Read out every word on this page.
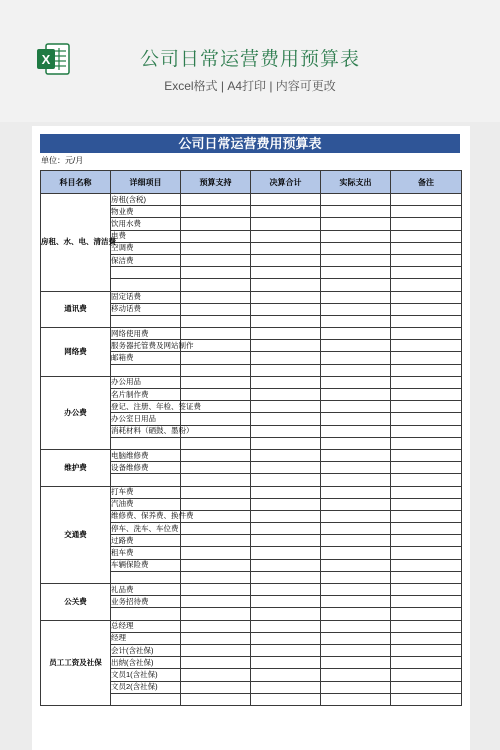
X	公司日常运营费用预算表
Excel格式 | A4打印 | 内容可更改
公司日常运营费用预算表
单位：元/月
科目名称	详细项目	预算支持	决算合计	实际支出	备注
房租、水、电、清洁费	房租(含税)				
	物业费				
	饮用水费				
	电费				
	空调费				
	保洁费				

通讯费	固定话费				
	移动话费				

网络费	网络使用费				
	服务器托管费及网站制作				
	邮箱费				

办公费	办公用品				
	名片制作费				
	登记、注册、年检、签证费				
	办公室日用品				
	消耗材料（硒鼓、墨粉）				

维护费	电脑维修费				
	设备维修费				

交通费	打车费				
	汽油费				
	维修费、保养费、换件费				
	停车、洗车、车位费				
	过路费				
	租车费				
	车辆保险费				

公关费	礼品费				
	业务招待费				

员工工资及社保	总经理				
	经理				
	会计(含社保)				
	出纳(含社保)				
	文员1(含社保)				
	文员2(含社保)				
